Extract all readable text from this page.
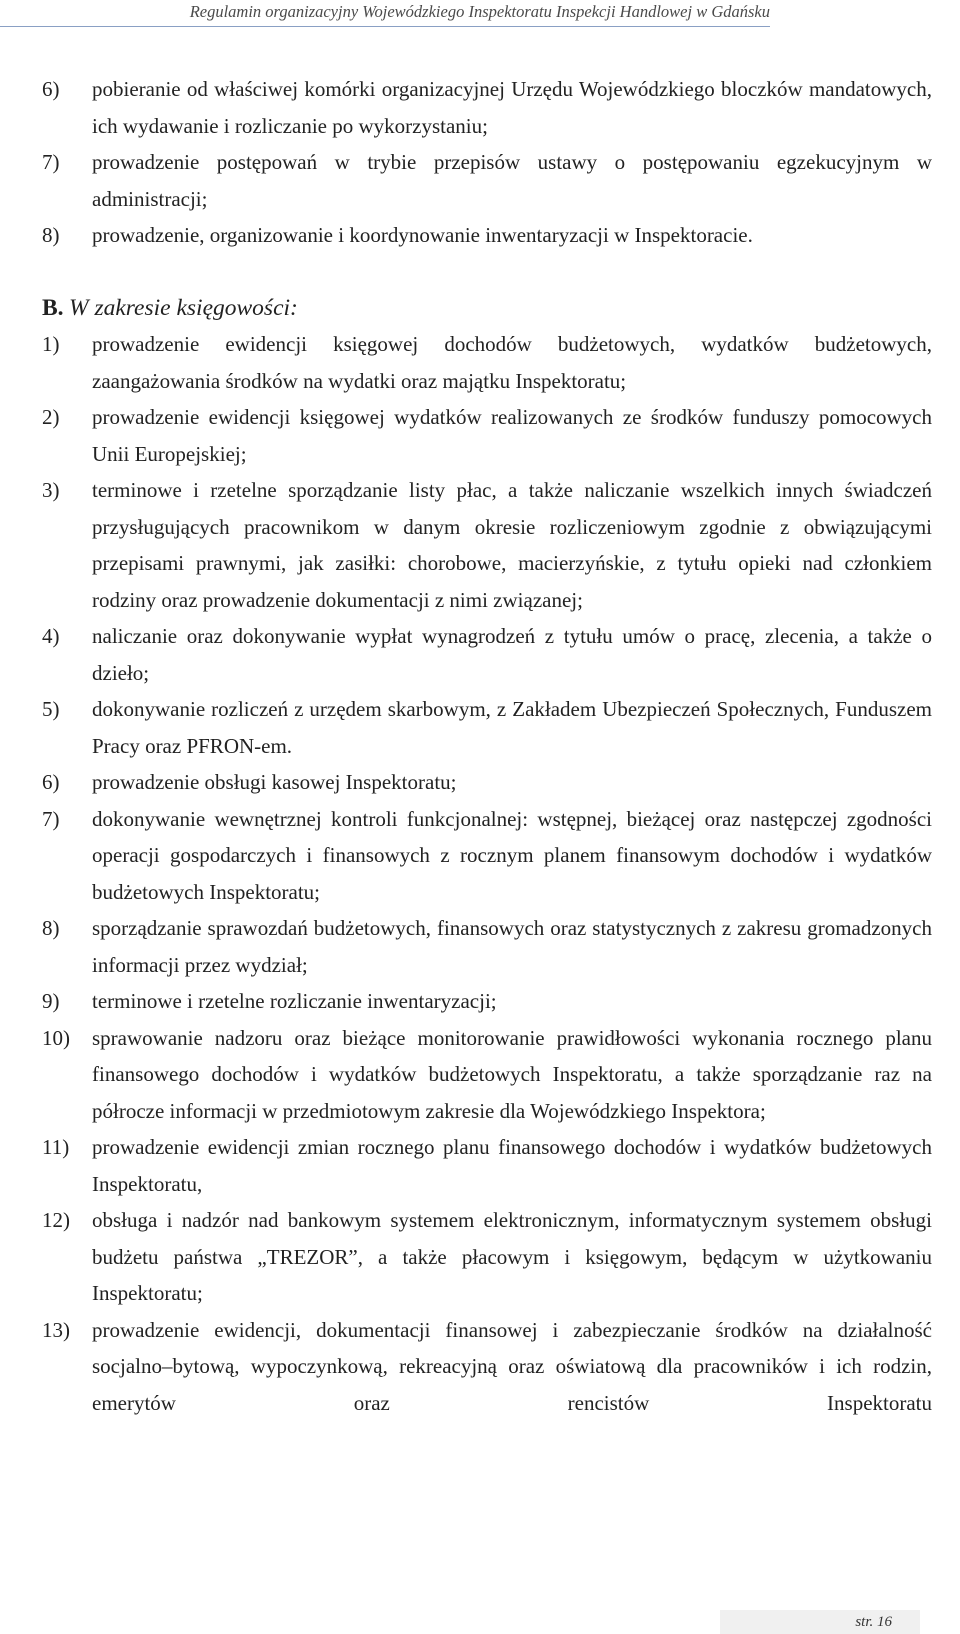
Regulamin organizacyjny Wojewódzkiego Inspektoratu Inspekcji Handlowej w Gdańsku
6)	pobieranie od właściwej komórki organizacyjnej Urzędu Wojewódzkiego bloczków mandatowych, ich wydawanie i rozliczanie po wykorzystaniu;
7)	prowadzenie postępowań w trybie przepisów ustawy o postępowaniu egzekucyjnym w administracji;
8)	prowadzenie, organizowanie i koordynowanie inwentaryzacji w Inspektoracie.
B. W zakresie księgowości:
1)	prowadzenie ewidencji księgowej dochodów budżetowych, wydatków budżetowych, zaangażowania środków na wydatki oraz majątku Inspektoratu;
2)	prowadzenie ewidencji księgowej wydatków realizowanych ze środków funduszy pomocowych Unii Europejskiej;
3)	terminowe i rzetelne sporządzanie listy płac, a także naliczanie wszelkich innych świadczeń przysługujących pracownikom w danym okresie rozliczeniowym zgodnie z obwiązującymi przepisami prawnymi, jak zasiłki: chorobowe, macierzyńskie, z tytułu opieki nad członkiem rodziny oraz prowadzenie dokumentacji z nimi związanej;
4)	naliczanie oraz dokonywanie wypłat wynagrodzeń z tytułu umów o pracę, zlecenia, a także o dzieło;
5)	dokonywanie rozliczeń z urzędem skarbowym, z Zakładem Ubezpieczeń Społecznych, Funduszem Pracy oraz PFRON-em.
6)	prowadzenie obsługi kasowej Inspektoratu;
7)	dokonywanie wewnętrznej kontroli funkcjonalnej: wstępnej, bieżącej oraz następczej zgodności operacji gospodarczych i finansowych z rocznym planem finansowym dochodów i wydatków budżetowych Inspektoratu;
8)	sporządzanie sprawozdań budżetowych, finansowych oraz statystycznych z zakresu gromadzonych informacji przez wydział;
9)	terminowe i rzetelne rozliczanie inwentaryzacji;
10)	sprawowanie nadzoru oraz bieżące monitorowanie prawidłowości wykonania rocznego planu finansowego dochodów i wydatków budżetowych Inspektoratu, a także sporządzanie raz na półrocze informacji w przedmiotowym zakresie dla Wojewódzkiego Inspektora;
11)	prowadzenie ewidencji zmian rocznego planu finansowego dochodów i wydatków budżetowych Inspektoratu,
12)	obsługa i nadzór nad bankowym systemem elektronicznym, informatycznym systemem obsługi budżetu państwa „TREZOR”, a także płacowym i księgowym, będącym w użytkowaniu Inspektoratu;
13)	prowadzenie ewidencji, dokumentacji finansowej i zabezpieczanie środków na działalność socjalno–bytową, wypoczynkową, rekreacyjną oraz oświatową dla pracowników i ich rodzin, emerytów oraz rencistów Inspektoratu
str. 16
